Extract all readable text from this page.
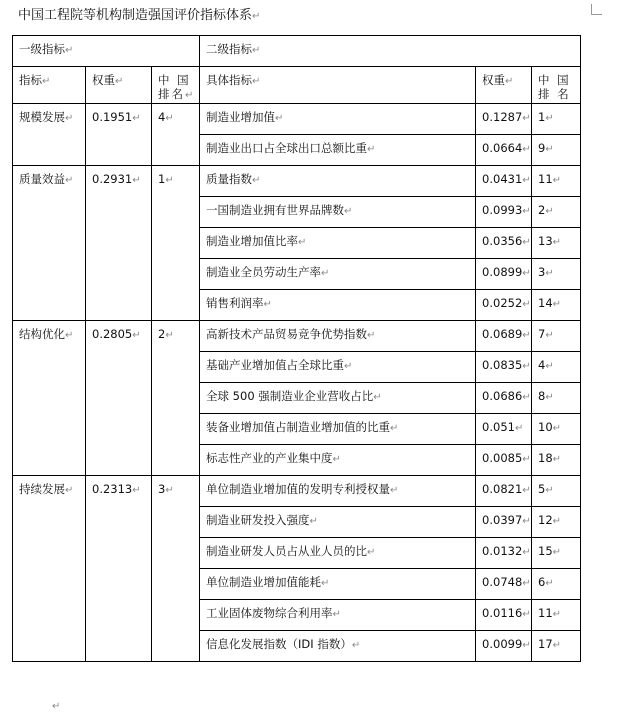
中国工程院等机构制造强国评价指标体系↵
一级指标↵			二级指标↵		
指标↵	权重↵	中 国 排名↵	具体指标↵	权重↵	中 国 排 名
规模发展↵	0.1951↵	4↵	制造业增加值↵	0.1287↵	1↵
			制造业出口占全球出口总额比重↵	0.0664↵	9↵
质量效益↵	0.2931↵	1↵	质量指数↵	0.0431↵	11↵
			一国制造业拥有世界品牌数↵	0.0993↵	2↵
			制造业增加值比率↵	0.0356↵	13↵
			制造业全员劳动生产率↵	0.0899↵	3↵
			销售利润率↵	0.0252↵	14↵
结构优化↵	0.2805↵	2↵	高新技术产品贸易竞争优势指数↵	0.0689↵	7↵
			基础产业增加值占全球比重↵	0.0835↵	4↵
			全球 500 强制造业企业营收占比↵	0.0686↵	8↵
			装备业增加值占制造业增加值的比重↵	0.051↵	10↵
			标志性产业的产业集中度↵	0.0085↵	18↵
持续发展↵	0.2313↵	3↵	单位制造业增加值的发明专利授权量↵	0.0821↵	5↵
			制造业研发投入强度↵	0.0397↵	12↵
			制造业研发人员占从业人员的比↵	0.0132↵	15↵
			单位制造业增加值能耗↵	0.0748↵	6↵
			工业固体废物综合利用率↵	0.0116↵	11↵
			信息化发展指数（IDI 指数）↵	0.0099↵	17↵
↵
